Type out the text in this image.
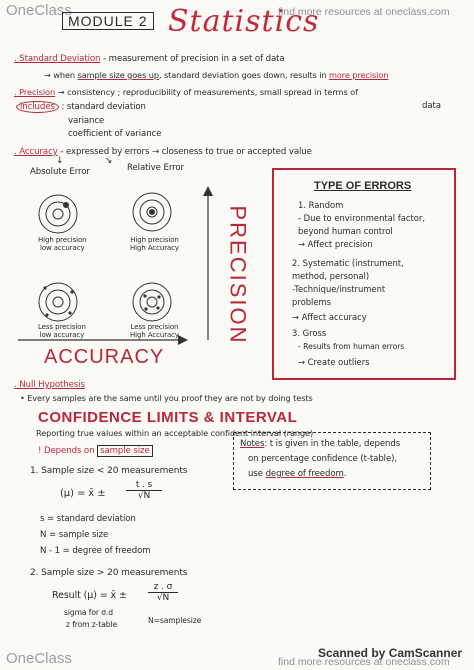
OneClass	find more resources at oneclass.com
MODULE 2 Statistics
. Standard Deviation - measurement of precision in a set of data
→ when sample size goes up, standard deviation goes down, results in more precision
. Precision → consistency ; reproducibility of measurements, small spread in terms of
data
includes : standard deviation
variance
coefficient of variance
. Accuracy - expressed by errors → closeness to true or accepted value
↓               ↘
Absolute Error	Relative Error
High precision
low accuracy
High precision
High Accuracy
Less precision
low accuracy
Less precision
High Accuracy PRECISION
ACCURACY
TYPE OF ERRORS
1. Random
- Due to environmental factor,
beyond human control
→ Affect precision
2. Systematic (instrument,
method, personal)
-Technique/instrument
problems
→ Affect accuracy
3. Gross
- Results from human errors
→ Create outliers
. Null Hypothesis
• Every samples are the same until you proof they are not by doing tests
CONFIDENCE LIMITS & INTERVAL
Reporting true values within an acceptable confident interval (range)
! Depends on sample size
1. Sample size < 20 measurements
(μ) = x̄ ± $\frac{t . s}{√N}$
s = standard deviation
N = sample size
N - 1 = degree of freedom
2. Sample size > 20 measurements
Result (μ) = x̄ ± $\frac{z . \sigma}{√N}$
sigma for σ.d
z from z-table	N=samplesize
Notes: t is given in the table, depends
on percentage confidence (t-table),
use degree of freedom.
OneClass	Scanned by CamScanner
find more resources at oneclass.com
